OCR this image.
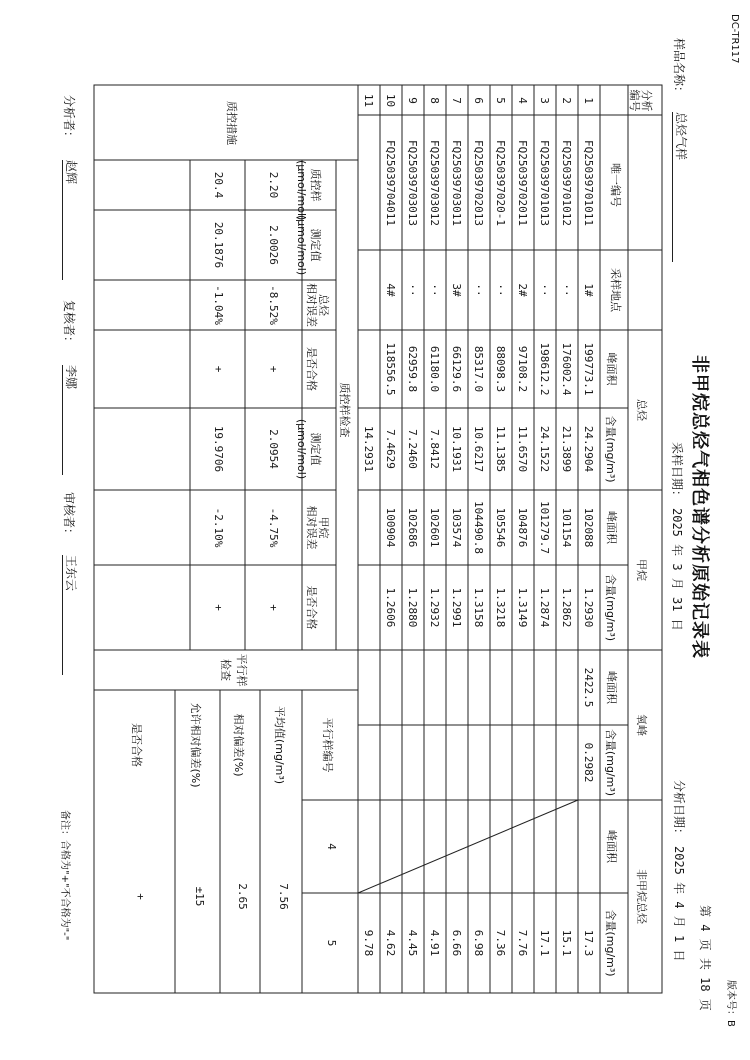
DC-TR117
版本号：B
非甲烷总烃气相色谱分析原始记录表
样品名称：
总烃气样
采样日期：
2025 年 3 月 31 日
分析日期：
2025 年 4 月 1 日 第 4 页 共 18 页
分析编号
唯一编号
采样地点
总烃
峰面积
含量(mg/m³)
甲烷
峰面积
含量(mg/m³)
氧峰
峰面积
含量(mg/m³)
非甲烷总烃
峰面积
含量(mg/m³)
1
FQ25039701011
1#
199773.1
24.2904
102088
1.2930
2422.5
0.2982
17.3
2
FQ25039701012
··
176002.4
21.3899
101154
1.2862
15.1
3
FQ25039701013
··
198612.2
24.1522
101279.7
1.2874
17.1
4
FQ25039702011
2#
97108.2
11.6570
104876
1.3149
7.76
5
FQ250397020-1
··
88098.3
11.1385
105546
1.3218
7.36
6
FQ25039702013
··
85317.0
10.6217
104490.8
1.3158
6.98
7
FQ25039703011
3#
66129.6
10.1931
103574
1.2991
6.66
8
FQ25039703012
··
61180.0
7.8412
102601
1.2932
4.91
9
FQ25039703013
··
62959.8
7.2460
102686
1.2880
4.45
10
FQ25039704011
4#
118556.5
7.4629
100904
1.2606
4.62
11
14.2931
9.78
质控措施
质控样检查
总烃
甲烷
质控样(μmol/mol)
测定值(μmol/mol)
相对误差
是否合格
测定值(μmol/mol)
相对误差
是否合格
2.20
2.0026
-8.52%
+
2.0954
-4.75%
+
20.4
20.1876
-1.04%
+
19.9706
-2.10%
+
平行样检查
平行样编号
4
5
平均值(mg/m³)
7.56
相对偏差(%)
2.65
允许相对偏差(%)
±15
是否合格
+
分析者：
赵辉
复核者：
李娜
审核者：
王东云
备注：合格为"+"不合格为"-"
